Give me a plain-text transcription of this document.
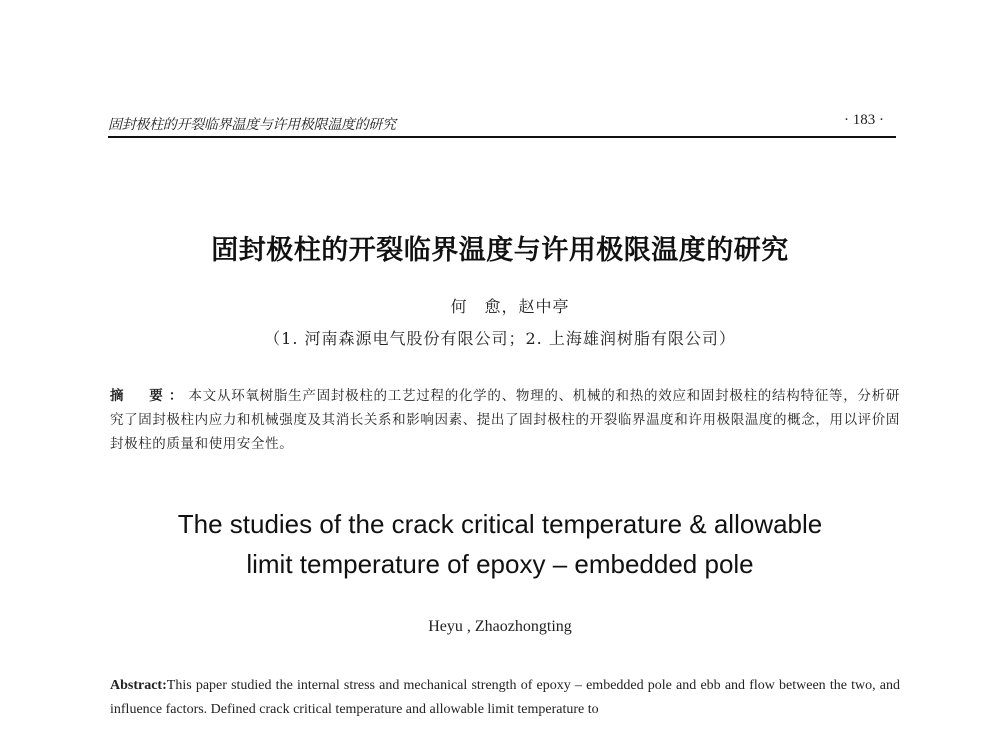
固封极柱的开裂临界温度与许用极限温度的研究	· 183 ·
固封极柱的开裂临界温度与许用极限温度的研究
何　愈，赵中亭
（1. 河南森源电气股份有限公司；2. 上海雄润树脂有限公司）
摘　要：本文从环氧树脂生产固封极柱的工艺过程的化学的、物理的、机械的和热的效应和固封极柱的结构特征等，分析研究了固封极柱内应力和机械强度及其消长关系和影响因素、提出了固封极柱的开裂临界温度和许用极限温度的概念，用以评价固封极柱的质量和使用安全性。
The studies of the crack critical temperature & allowable
limit temperature of epoxy – embedded pole
Heyu , Zhaozhongting
Abstract:This paper studied the internal stress and mechanical strength of epoxy – embedded pole and ebb and flow between the two, and influence factors. Defined crack critical temperature and allowable limit temperature to
